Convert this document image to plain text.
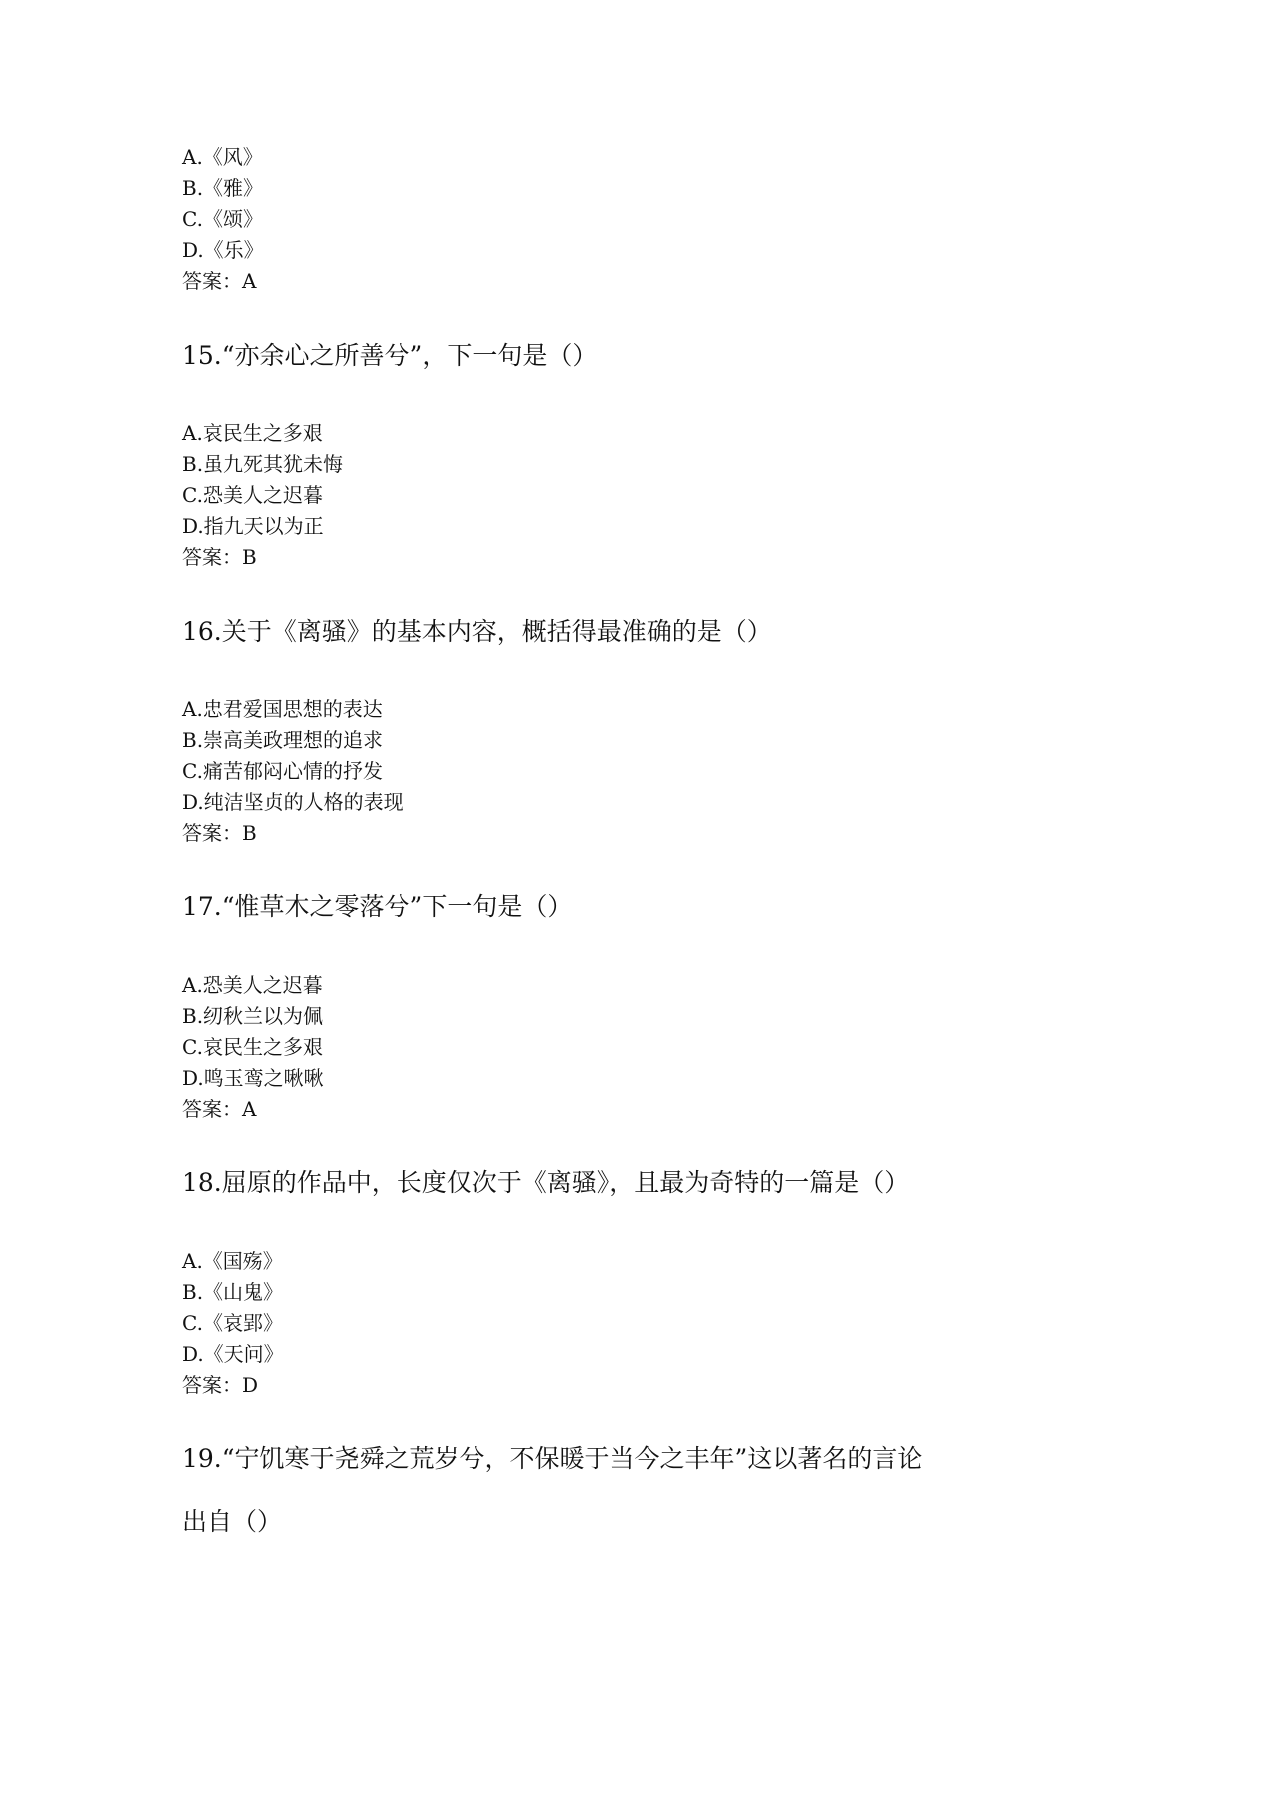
A.《风》
B.《雅》
C.《颂》
D.《乐》
答案：A
15.“亦余心之所善兮”，下一句是（）
A.哀民生之多艰
B.虽九死其犹未悔
C.恐美人之迟暮
D.指九天以为正
答案：B
16.关于《离骚》的基本内容，概括得最准确的是（）
A.忠君爱国思想的表达
B.崇高美政理想的追求
C.痛苦郁闷心情的抒发
D.纯洁坚贞的人格的表现
答案：B
17.“惟草木之零落兮”下一句是（）
A.恐美人之迟暮
B.纫秋兰以为佩
C.哀民生之多艰
D.鸣玉鸾之啾啾
答案：A
18.屈原的作品中，长度仅次于《离骚》，且最为奇特的一篇是（）
A.《国殇》
B.《山鬼》
C.《哀郢》
D.《天问》
答案：D
19.“宁饥寒于尧舜之荒岁兮，不保暖于当今之丰年”这以著名的言论
出自（）
